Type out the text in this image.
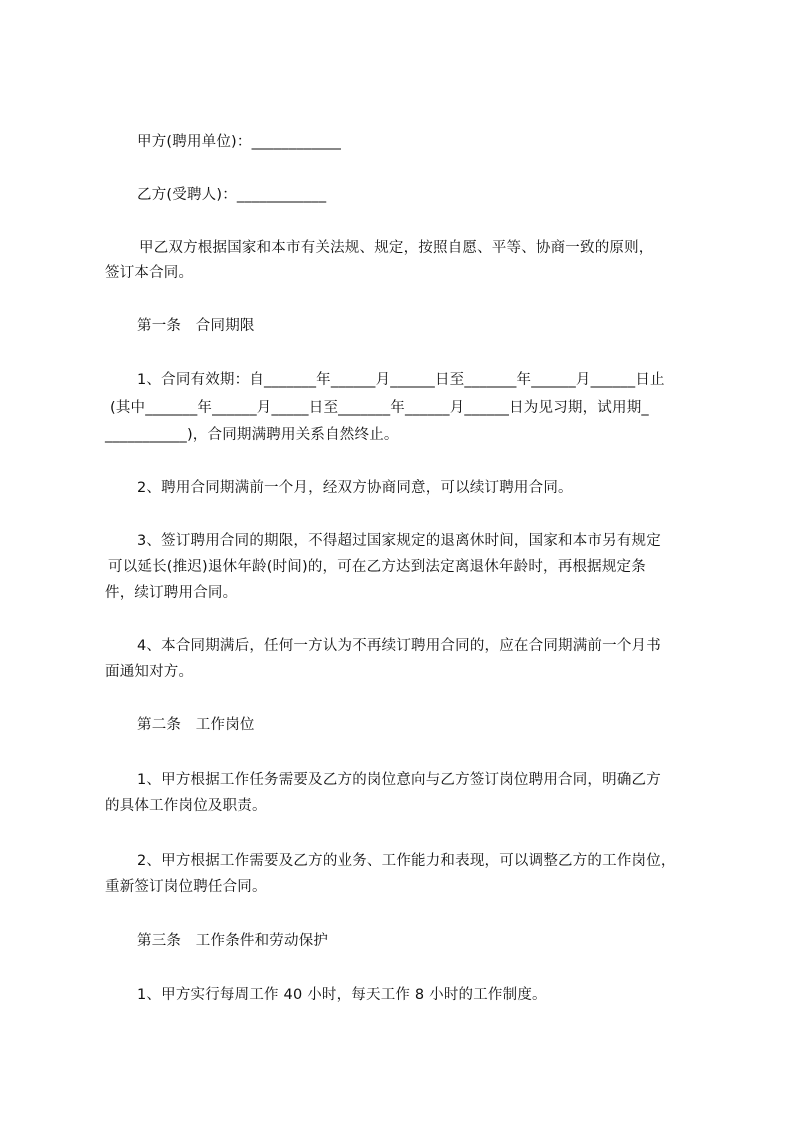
甲方(聘用单位)：____________
乙方(受聘人)：____________
甲乙双方根据国家和本市有关法规、规定，按照自愿、平等、协商一致的原则，
签订本合同。
第一条　合同期限
1、合同有效期：自_______年______月______日至_______年______月______日止
(其中_______年______月_____日至_______年______月______日为见习期，试用期_
___________)，合同期满聘用关系自然终止。
2、聘用合同期满前一个月，经双方协商同意，可以续订聘用合同。
3、签订聘用合同的期限，不得超过国家规定的退离休时间，国家和本市另有规定
可以延长(推迟)退休年龄(时间)的，可在乙方达到法定离退休年龄时，再根据规定条
件，续订聘用合同。
4、本合同期满后，任何一方认为不再续订聘用合同的，应在合同期满前一个月书
面通知对方。
第二条　工作岗位
1、甲方根据工作任务需要及乙方的岗位意向与乙方签订岗位聘用合同，明确乙方
的具体工作岗位及职责。
2、甲方根据工作需要及乙方的业务、工作能力和表现，可以调整乙方的工作岗位，
重新签订岗位聘任合同。
第三条　工作条件和劳动保护
1、甲方实行每周工作 40 小时，每天工作 8 小时的工作制度。
